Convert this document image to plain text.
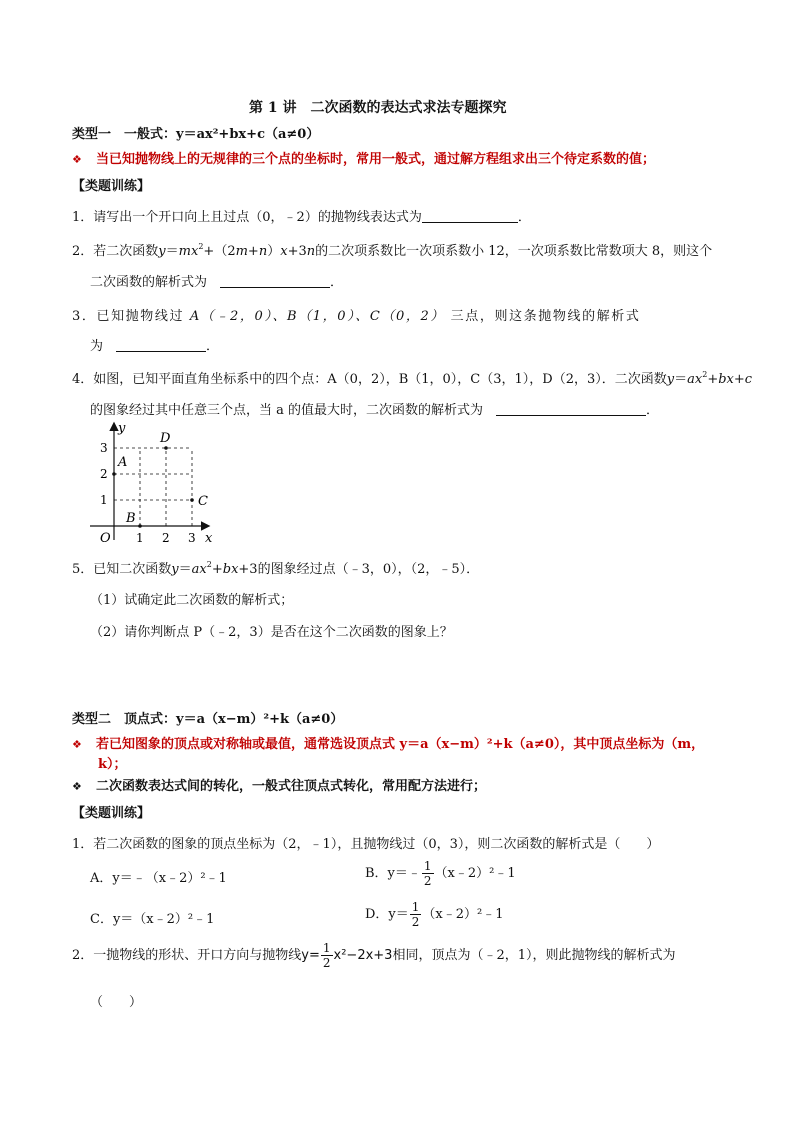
第 1 讲　二次函数的表达式求法专题探究
类型一　一般式：y＝ax²+bx+c（a≠0）
❖ 当已知抛物线上的无规律的三个点的坐标时，常用一般式，通过解方程组求出三个待定系数的值；
【类题训练】
1．请写出一个开口向上且过点（0，﹣2）的抛物线表达式为	．
2．若二次函数$y=mx^2+(2m+n)x+3n$的二次项系数比一次项系数小 12，一次项系数比常数项大 8，则这个
二次函数的解析式为　	．
3．已知抛物线过 A（﹣2，0）、B（1，0）、C（0，2） 三点，则这条抛物线的解析式
为　	．
4．如图，已知平面直角坐标系中的四个点：A（0，2），B（1，0），C（3，1），D（2，3）．二次函数$y=ax^2+bx+c$
的图象经过其中任意三个点，当 a 的值最大时，二次函数的解析式为　	．
1 2 3
1
2
3
A
B
C
D
x
y
O
5．已知二次函数$y=ax^2+bx+3$的图象经过点（﹣3，0），（2，﹣5）．
（1）试确定此二次函数的解析式；
（2）请你判断点 P（﹣2，3）是否在这个二次函数的图象上？
类型二　顶点式：y＝a（x−m）²+k（a≠0）
❖ 若已知图象的顶点或对称轴或最值，通常选设顶点式 y＝a（x−m）²+k（a≠0），其中顶点坐标为（m，
k）；
❖ 二次函数表达式间的转化，一般式往顶点式转化，常用配方法进行；
【类题训练】
1．若二次函数的图象的顶点坐标为（2，﹣1），且抛物线过（0，3），则二次函数的解析式是（　　）
A．y＝﹣（x﹣2）²﹣1	B．y＝﹣ $\frac{1}{2}$ （x﹣2）²﹣1
C．y＝（x﹣2）²﹣1	D．$y= \frac{1}{2}$ （x﹣2）²﹣1
2．一抛物线的形状、开口方向与抛物线$y= \frac{1}{2} x^2-2x+3$相同，顶点为（﹣2，1），则此抛物线的解析式为
（　　）
